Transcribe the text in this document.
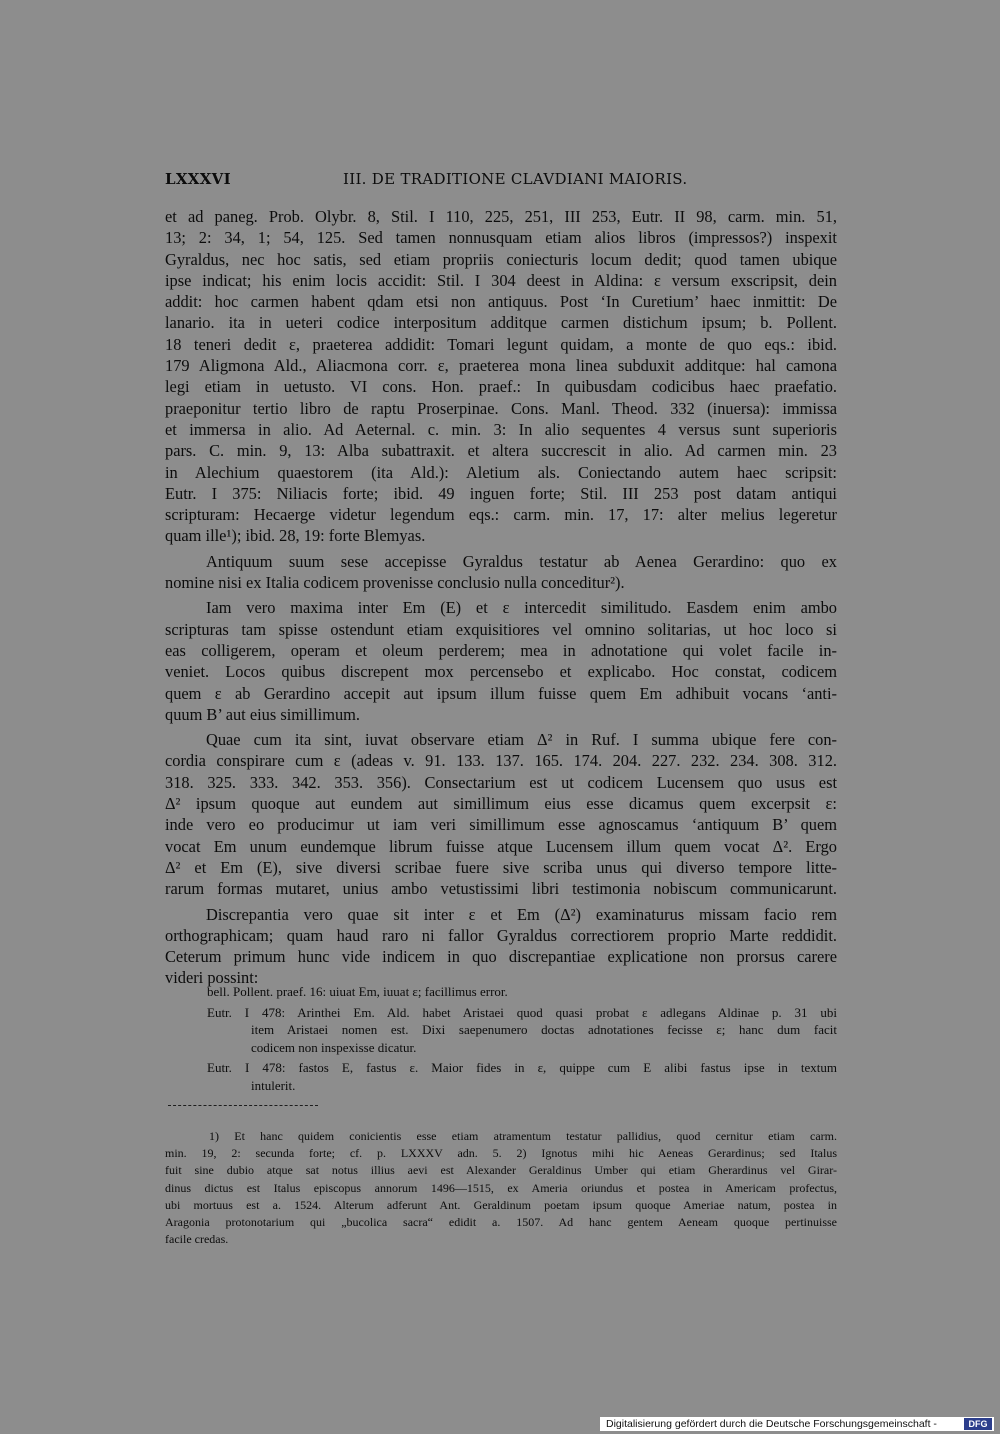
LXXXVI	III. DE TRADITIONE CLAVDIANI MAIORIS.
et ad paneg. Prob. Olybr. 8, Stil. I 110, 225, 251, III 253, Eutr. II 98, carm. min. 51,
13; 2: 34, 1; 54, 125. Sed tamen nonnusquam etiam alios libros (impressos?) inspexit
Gyraldus, nec hoc satis, sed etiam propriis coniecturis locum dedit; quod tamen ubique
ipse indicat; his enim locis accidit: Stil. I 304 deest in Aldina: ε versum exscripsit, dein
addit: hoc carmen habent qdam etsi non antiquus. Post ‘In Curetium’ haec inmittit: De
lanario. ita in ueteri codice interpositum additque carmen distichum ipsum; b. Pollent.
18 teneri dedit ε, praeterea addidit: Tomari legunt quidam, a monte de quo eqs.: ibid.
179 Aligmona Ald., Aliacmona corr. ε, praeterea mona linea subduxit additque: hal camona
legi etiam in uetusto. VI cons. Hon. praef.: In quibusdam codicibus haec praefatio.
praeponitur tertio libro de raptu Proserpinae. Cons. Manl. Theod. 332 (inuersa): immissa
et immersa in alio. Ad Aeternal. c. min. 3: In alio sequentes 4 versus sunt superioris
pars. C. min. 9, 13: Alba subattraxit. et altera succrescit in alio. Ad carmen min. 23
in Alechium quaestorem (ita Ald.): Aletium als. Coniectando autem haec scripsit:
Eutr. I 375: Niliacis forte; ibid. 49 inguen forte; Stil. III 253 post datam antiqui
scripturam: Hecaerge videtur legendum eqs.: carm. min. 17, 17: alter melius legeretur
quam ille¹); ibid. 28, 19: forte Blemyas.
Antiquum suum sese accepisse Gyraldus testatur ab Aenea Gerardino: quo ex
nomine nisi ex Italia codicem provenisse conclusio nulla conceditur²).
Iam vero maxima inter Em (E) et ε intercedit similitudo. Easdem enim ambo
scripturas tam spisse ostendunt etiam exquisitiores vel omnino solitarias, ut hoc loco si
eas colligerem, operam et oleum perderem; mea in adnotatione qui volet facile in-
veniet. Locos quibus discrepent mox percensebo et explicabo. Hoc constat, codicem
quem ε ab Gerardino accepit aut ipsum illum fuisse quem Em adhibuit vocans ‘anti-
quum B’ aut eius simillimum.
Quae cum ita sint, iuvat observare etiam Δ² in Ruf. I summa ubique fere con-
cordia conspirare cum ε (adeas v. 91. 133. 137. 165. 174. 204. 227. 232. 234. 308. 312.
318. 325. 333. 342. 353. 356). Consectarium est ut codicem Lucensem quo usus est
Δ² ipsum quoque aut eundem aut simillimum eius esse dicamus quem excerpsit ε:
inde vero eo producimur ut iam veri simillimum esse agnoscamus ‘antiquum B’ quem
vocat Em unum eundemque librum fuisse atque Lucensem illum quem vocat Δ². Ergo
Δ² et Em (E), sive diversi scribae fuere sive scriba unus qui diverso tempore litte-
rarum formas mutaret, unius ambo vetustissimi libri testimonia nobiscum communicarunt.
Discrepantia vero quae sit inter ε et Em (Δ²) examinaturus missam facio rem
orthographicam; quam haud raro ni fallor Gyraldus correctiorem proprio Marte reddidit.
Ceterum primum hunc vide indicem in quo discrepantiae explicatione non prorsus carere
videri possint:
bell. Pollent. praef. 16: uiuat Em, iuuat ε; facillimus error.
Eutr. I 478: Arinthei Em. Ald. habet Aristaei quod quasi probat ε adlegans Aldinae p. 31 ubi
item Aristaei nomen est. Dixi saepenumero doctas adnotationes fecisse ε; hanc dum facit
codicem non inspexisse dicatur.
Eutr. I 478: fastos E, fastus ε. Maior fides in ε, quippe cum E alibi fastus ipse in textum
intulerit.
1) Et hanc quidem conicientis esse etiam atramentum testatur pallidius, quod cernitur etiam carm.
min. 19, 2: secunda forte; cf. p. LXXXV adn. 5. 2) Ignotus mihi hic Aeneas Gerardinus; sed Italus
fuit sine dubio atque sat notus illius aevi est Alexander Geraldinus Umber qui etiam Gherardinus vel Girar-
dinus dictus est Italus episcopus annorum 1496—1515, ex Ameria oriundus et postea in Americam profectus,
ubi mortuus est a. 1524. Alterum adferunt Ant. Geraldinum poetam ipsum quoque Ameriae natum, postea in
Aragonia protonotarium qui „bucolica sacra“ edidit a. 1507. Ad hanc gentem Aeneam quoque pertinuisse
facile credas.
Digitalisierung gefördert durch die Deutsche Forschungsgemeinschaft -	DFG
